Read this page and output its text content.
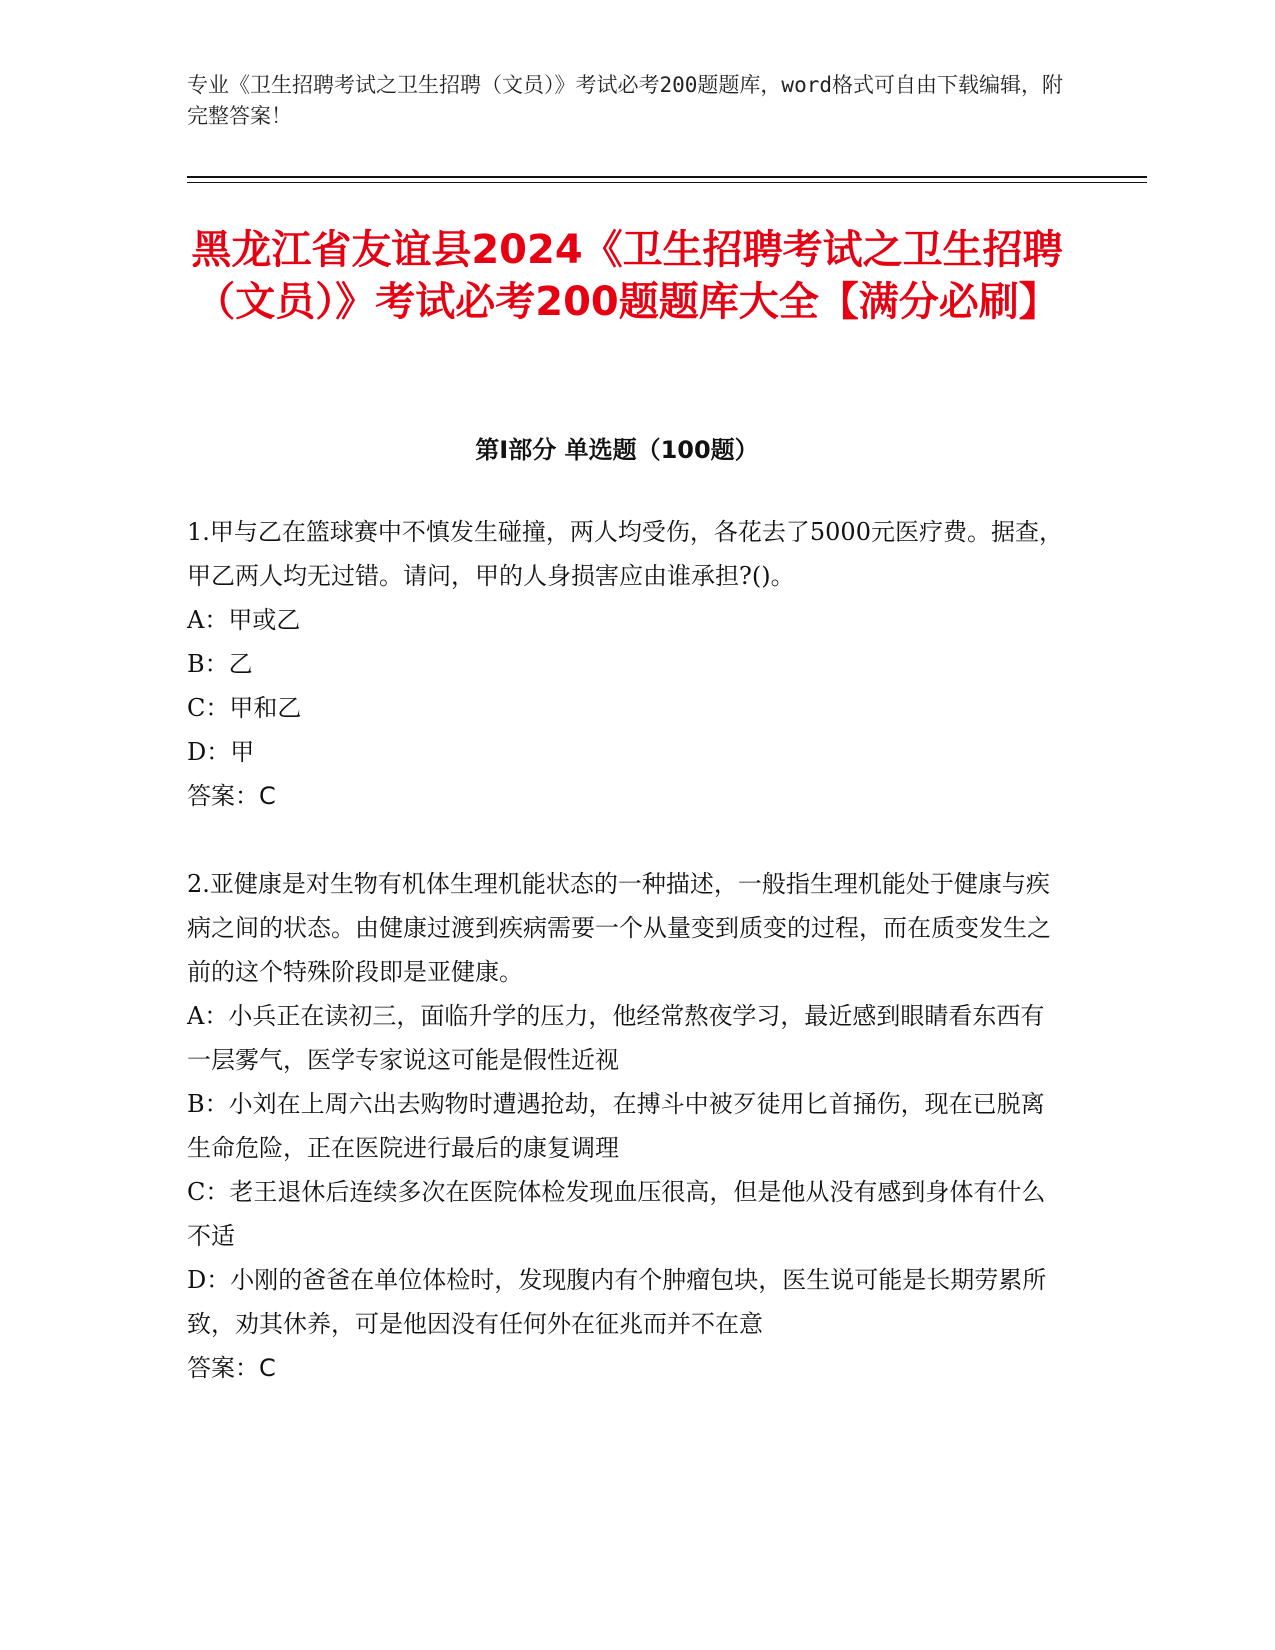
专业《卫生招聘考试之卫生招聘（文员）》考试必考200题题库，word格式可自由下载编辑，附完整答案！

黑龙江省友谊县2024《卫生招聘考试之卫生招聘（文员）》考试必考200题题库大全【满分必刷】
第Ⅰ部分 单选题（100题）

1.甲与乙在篮球赛中不慎发生碰撞，两人均受伤，各花去了5000元医疗费。据查，甲乙两人均无过错。请问，甲的人身损害应由谁承担?()。

A：甲或乙

B：乙

C：甲和乙

D：甲

答案：C

2.亚健康是对生物有机体生理机能状态的一种描述，一般指生理机能处于健康与疾病之间的状态。由健康过渡到疾病需要一个从量变到质变的过程，而在质变发生之前的这个特殊阶段即是亚健康。

A：小兵正在读初三，面临升学的压力，他经常熬夜学习，最近感到眼睛看东西有一层雾气，医学专家说这可能是假性近视

B：小刘在上周六出去购物时遭遇抢劫，在搏斗中被歹徒用匕首捅伤，现在已脱离生命危险，正在医院进行最后的康复调理

C：老王退休后连续多次在医院体检发现血压很高，但是他从没有感到身体有什么不适

D：小刚的爸爸在单位体检时，发现腹内有个肿瘤包块，医生说可能是长期劳累所致，劝其休养，可是他因没有任何外在征兆而并不在意

答案：C
